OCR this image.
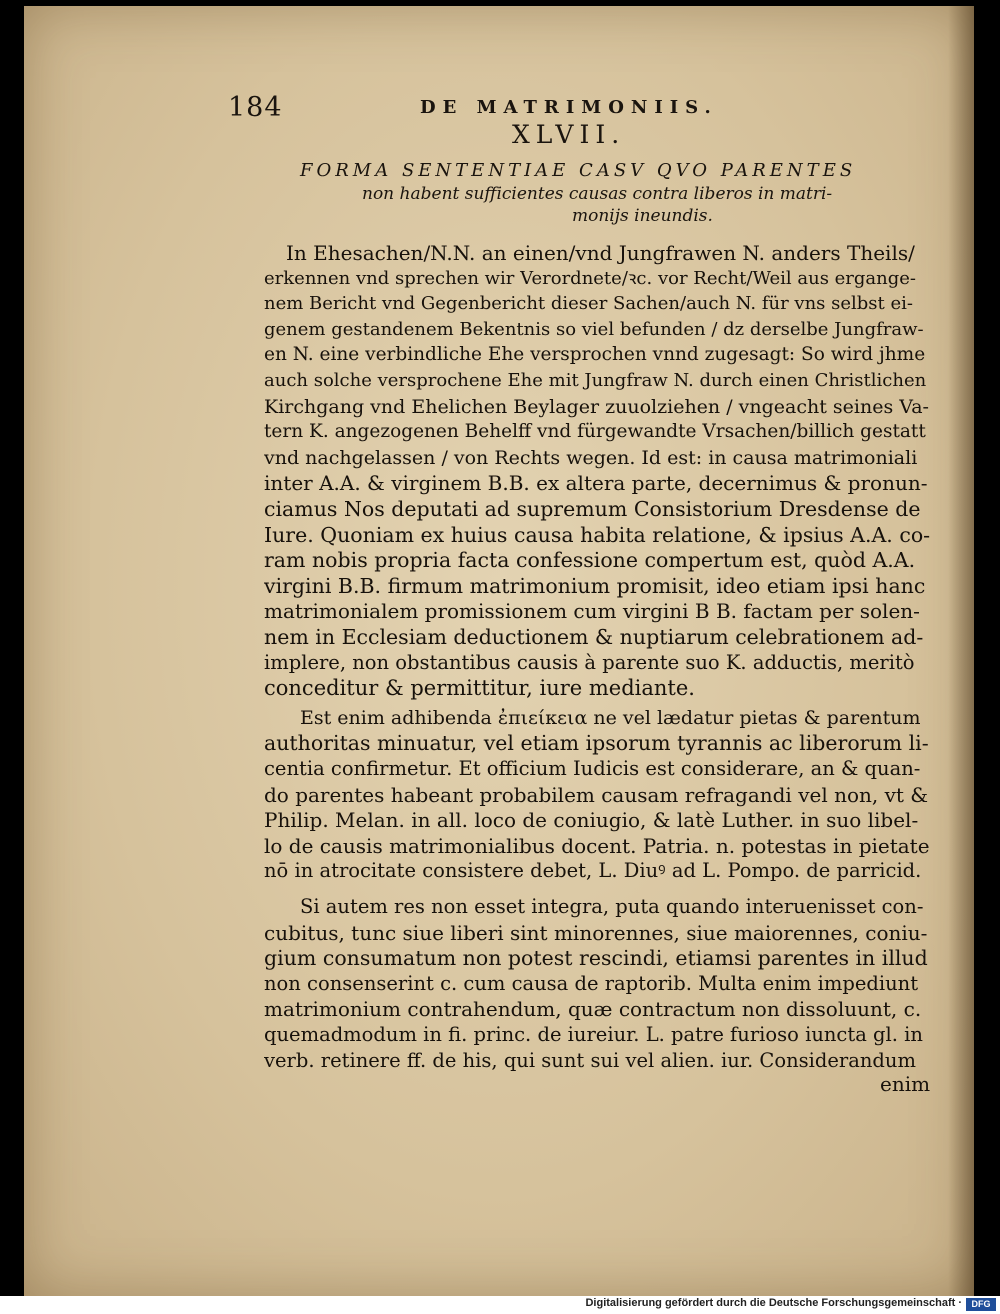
184	DE MATRIMONIIS.
XLVII.
FORMA SENTENTIAE CASV QVO PARENTES
non habent sufficientes causas contra liberos in matri-
monijs ineundis.
In Ehesachen/N.N. an einen/vnd Jungfrawen N. anders Theils/
erkennen vnd sprechen wir Verordnete/ꝛc. vor Recht/Weil aus ergange-
nem Bericht vnd Gegenbericht dieser Sachen/auch N. für vns selbst ei-
genem gestandenem Bekentnis so viel befunden / dz derselbe Jungfraw-
en N. eine verbindliche Ehe versprochen vnnd zugesagt: So wird jhme
auch solche versprochene Ehe mit Jungfraw N. durch einen Christlichen
Kirchgang vnd Ehelichen Beylager zuuolziehen / vngeacht seines Va-
tern K. angezogenen Behelff vnd fürgewandte Vrsachen/billich gestatt
vnd nachgelassen / von Rechts wegen. Id est: in causa matrimoniali
inter A.A. & virginem B.B. ex altera parte, decernimus & pronun-
ciamus Nos deputati ad supremum Consistorium Dresdense de
Iure. Quoniam ex huius causa habita relatione, & ipsius A.A. co-
ram nobis propria facta confessione compertum est, quòd A.A.
virgini B.B. firmum matrimonium promisit, ideo etiam ipsi hanc
matrimonialem promissionem cum virgini B B. factam per solen-
nem in Ecclesiam deductionem & nuptiarum celebrationem ad-
implere, non obstantibus causis à parente suo K. adductis, meritò
conceditur & permittitur, iure mediante.
Est enim adhibenda ἐπιείκεια ne vel lædatur pietas & parentum
authoritas minuatur, vel etiam ipsorum tyrannis ac liberorum li-
centia confirmetur. Et officium Iudicis est considerare, an & quan-
do parentes habeant probabilem causam refragandi vel non, vt &
Philip. Melan. in all. loco de coniugio, & latè Luther. in suo libel-
lo de causis matrimonialibus docent. Patria. n. potestas in pietate
nō in atrocitate consistere debet, L. Diuꝰ ad L. Pompo. de parricid.
Si autem res non esset integra, puta quando interuenisset con-
cubitus, tunc siue liberi sint minorennes, siue maiorennes, coniu-
gium consumatum non potest rescindi, etiamsi parentes in illud
non consenserint c. cum causa de raptorib. Multa enim impediunt
matrimonium contrahendum, quæ contractum non dissoluunt, c.
quemadmodum in fi. princ. de iureiur. L. patre furioso iuncta gl. in
verb. retinere ff. de his, qui sunt sui vel alien. iur. Considerandum
enim
Digitalisierung gefördert durch die Deutsche Forschungsgemeinschaft ·	DFG
